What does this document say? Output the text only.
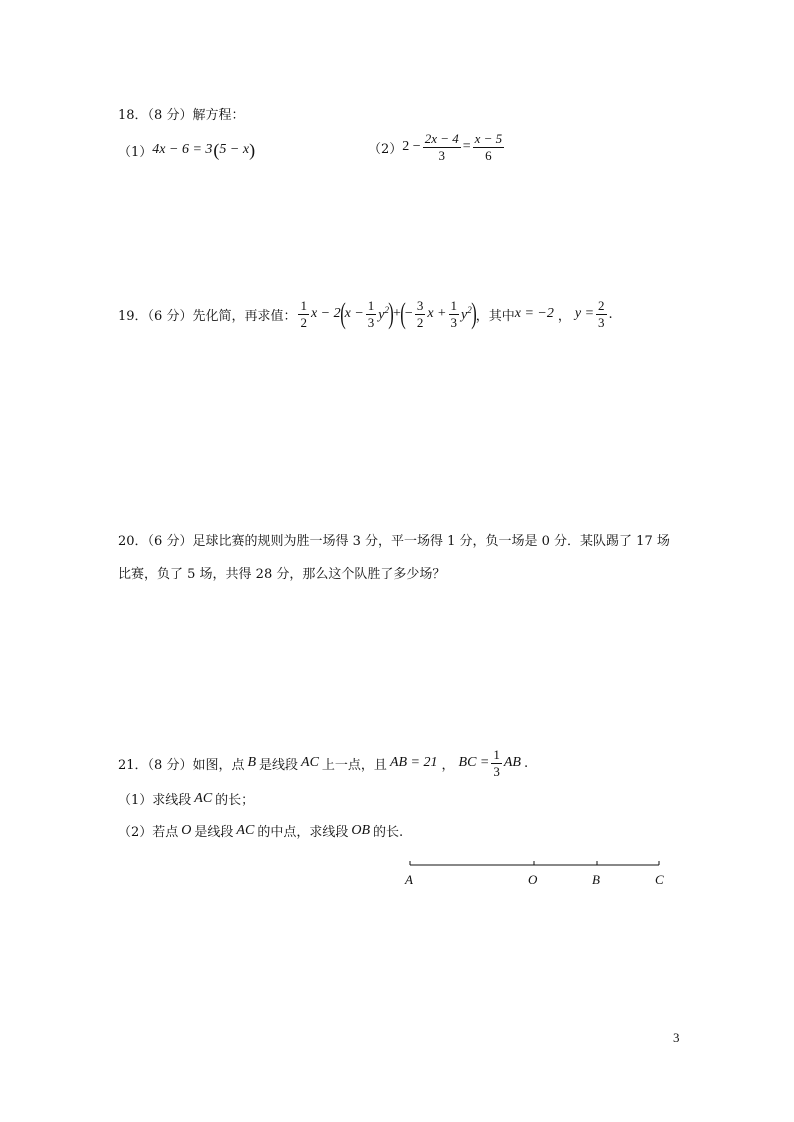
18．（8 分）解方程：
（1） 4x − 6 = 3 ( 5 − x )	（2） $2 - \frac{2x - 4}{3} = \frac{x - 5}{6}$
19．（6 分）先化简，再求值： $\frac{1}{2}$ x − 2 ( $x - \frac{1}{3} y^2$ ) + ( − $\frac{3}{2}$ $x + \frac{1}{3} y^2$ ) ，其中 x = −2 ， $y = \frac{2}{3}$ .
20．（6 分）足球比赛的规则为胜一场得 3 分，平一场得 1 分，负一场是 0 分．某队踢了 17 场
比赛，负了 5 场，共得 28 分，那么这个队胜了多少场？
21．（8 分）如图，点 B 是线段 AC 上一点，且 AB = 21 ， BC = $\frac{1}{3}$ AB .
（1）求线段 AC 的长；
（2）若点 O 是线段 AC 的中点，求线段 OB 的长.
A	O	B	C
3
